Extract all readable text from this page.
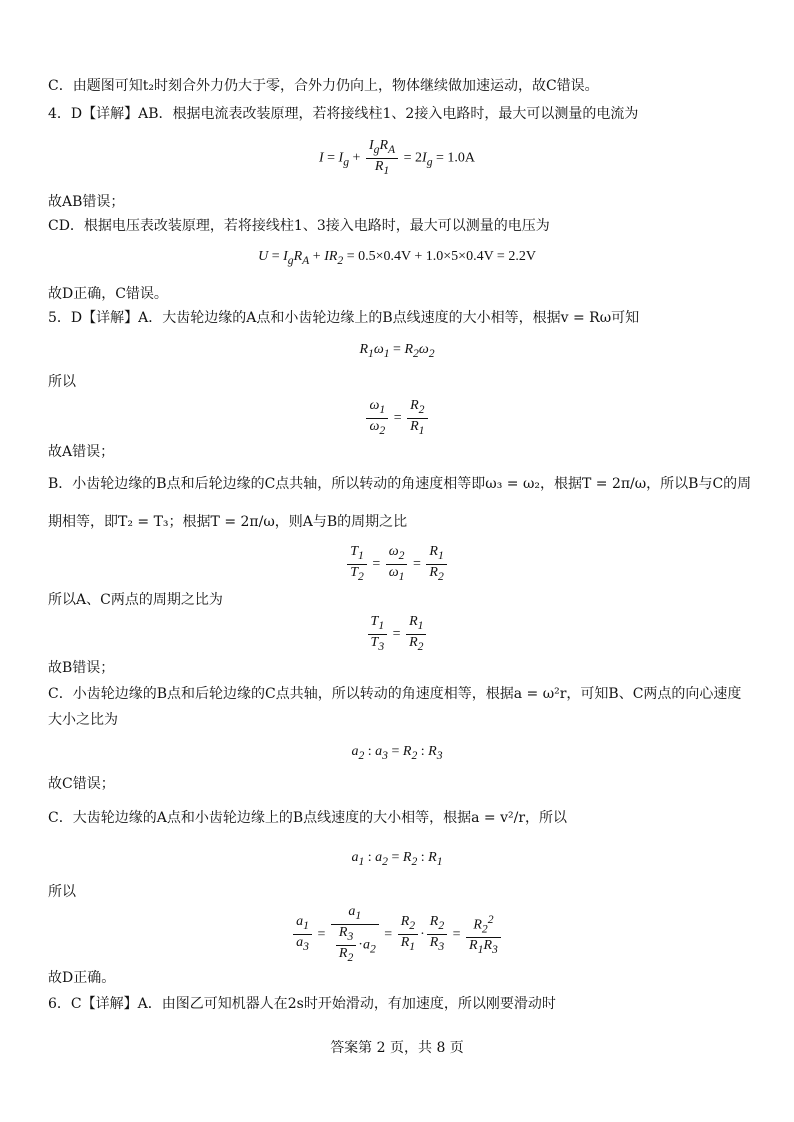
C．由题图可知t₂时刻合外力仍大于零，合外力仍向上，物体继续做加速运动，故C错误。
4．D【详解】AB．根据电流表改装原理，若将接线柱1、2接入电路时，最大可以测量的电流为
$I = I_g + \frac{I_gR_A}{R_1} = 2I_g = 1.0A$
故AB错误；
CD．根据电压表改装原理，若将接线柱1、3接入电路时，最大可以测量的电压为
$U = I_gR_A + IR_2 = 0.5\times 0.4V + 1.0\times 5\times 0.4V = 2.2V$
故D正确，C错误。
5．D【详解】A．大齿轮边缘的A点和小齿轮边缘上的B点线速度的大小相等，根据v = Rω可知
$R_1\omega_1 = R_2\omega_2$
所以
$\frac{\omega_1}{\omega_2} = \frac{R_2}{R_1}$
故A错误；
B．小齿轮边缘的B点和后轮边缘的C点共轴，所以转动的角速度相等即ω₃ = ω₂，根据T = 2π/ω，所以B与C的周
期相等，即T₂ = T₃；根据T = 2π/ω，则A与B的周期之比
$\frac{T_1}{T_2} = \frac{\omega_2}{\omega_1} = \frac{R_1}{R_2}$
所以A、C两点的周期之比为
$\frac{T_1}{T_3} = \frac{R_1}{R_2}$
故B错误；
C．小齿轮边缘的B点和后轮边缘的C点共轴，所以转动的角速度相等，根据a = ω²r，可知B、C两点的向心速度
大小之比为
$a_2$ : $a_3 = R_2$ : $R_3$
故C错误；
C．大齿轮边缘的A点和小齿轮边缘上的B点线速度的大小相等，根据a = v²/r，所以
$a_1$ : $a_2 = R_2$ : $R_1$
所以
$\frac{a_1}{a_3} = \frac{a_1}{\frac{R_3}{R_2} \cdot a_2} = \frac{R_2}{R_1} \cdot \frac{R_2}{R_3} = \frac{R_2^2}{R_1R_3}$
故D正确。
6．C【详解】A．由图乙可知机器人在2s时开始滑动，有加速度，所以刚要滑动时
答案第 2 页，共 8 页
